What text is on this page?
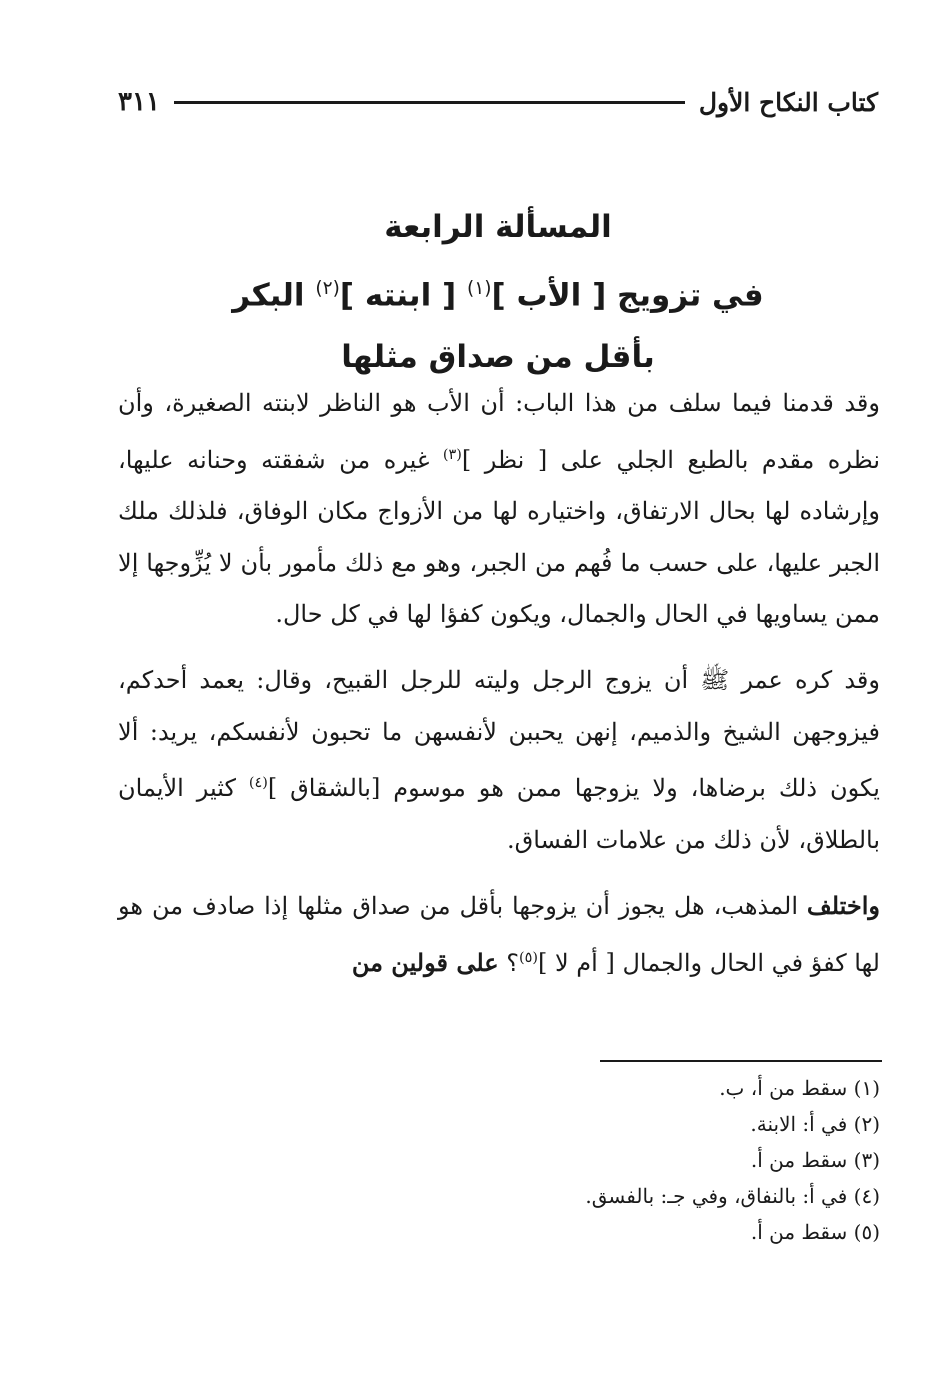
كتاب النكاح الأول
٣١١
المسألة الرابعة
في تزويج [ الأب ]$^{(١)}$ [ ابنته ]$^{(٢)}$ البكر
بأقل من صداق مثلها

وقد قدمنا فيما سلف من هذا الباب: أن الأب هو الناظر لابنته الصغيرة، وأن نظره مقدم بالطبع الجلي على [ نظر ]$^{(٣)}$ غيره من شفقته وحنانه عليها، وإرشاده لها بحال الارتفاق، واختياره لها من الأزواج مكان الوفاق، فلذلك ملك الجبر عليها، على حسب ما فُهم من الجبر، وهو مع ذلك مأمور بأن لا يُزِّوجها إلا ممن يساويها في الحال والجمال، ويكون كفؤا لها في كل حال.

وقد كره عمر ﷺ أن يزوج الرجل وليته للرجل القبيح، وقال: يعمد أحدكم، فيزوجهن الشيخ والذميم، إنهن يحببن لأنفسهن ما تحبون لأنفسكم، يريد: ألا يكون ذلك برضاها، ولا يزوجها ممن هو موسوم [بالشقاق ]$^{(٤)}$ كثير الأيمان بالطلاق، لأن ذلك من علامات الفساق.

واختلف المذهب، هل يجوز أن يزوجها بأقل من صداق مثلها إذا صادف من هو لها كفؤ في الحال والجمال [ أم لا ]$^{(٥)}$؟ على قولين من

(١) سقط من أ، ب.
(٢) في أ: الابنة.
(٣) سقط من أ.
(٤) في أ: بالنفاق، وفي جـ: بالفسق.
(٥) سقط من أ.
